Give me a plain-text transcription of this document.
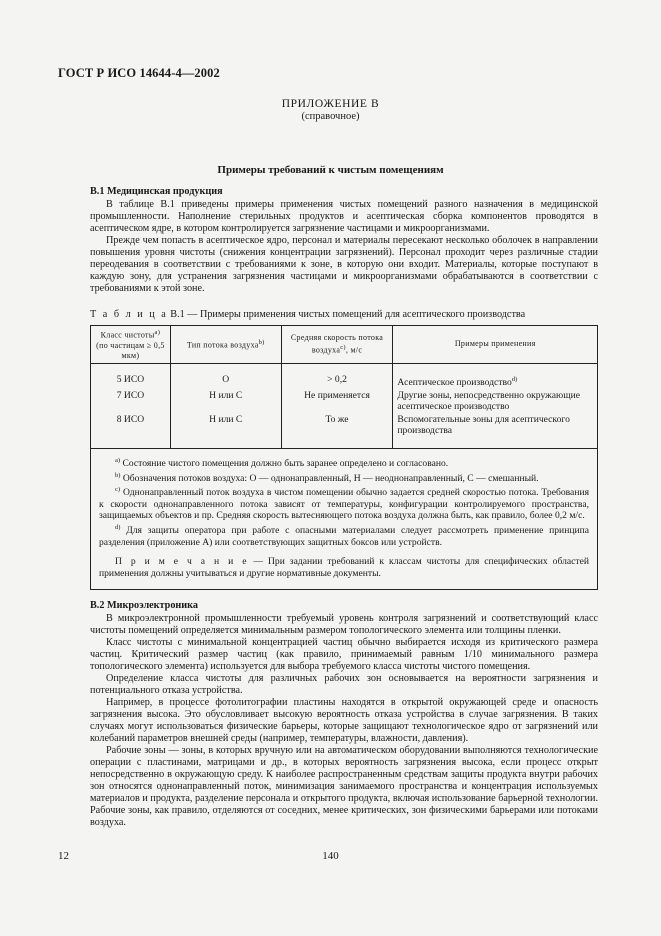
ГОСТ Р ИСО 14644-4—2002
ПРИЛОЖЕНИЕ В
(справочное)
Примеры требований к чистым помещениям

В.1 Медицинская продукция

В таблице В.1 приведены примеры применения чистых помещений разного назначения в медицинской промышленности. Наполнение стерильных продуктов и асептическая сборка компонентов проводятся в асептическом ядре, в котором контролируется загрязнение частицами и микроорганизмами.

Прежде чем попасть в асептическое ядро, персонал и материалы пересекают несколько оболочек в направлении повышения уровня чистоты (снижения концентрации загрязнений). Персонал проходит через различные стадии переодевания в соответствии с требованиями к зоне, в которую они входит. Материалы, которые поступают в каждую зону, для устранения загрязнения частицами и микроорганизмами обрабатываются в соответствии с требованиями к этой зоне.

Т а б л и ц а В.1 — Примеры применения чистых помещений для асептического производства
Класс чистоты$^{а)}$ (по частицам ≥ 0,5 мкм)	Тип потока воздуха$^{b)}$	Средняя скорость потока воздуха$^{c)}$, м/с	Примеры применения
5 ИСО	О	> 0,2	Асептическое производство$^{d)}$
7 ИСО	Н или С	Не применяется	Другие зоны, непосредственно окружающие асептическое производство
8 ИСО	Н или С	То же	Вспомогательные зоны для асептического производства

$^{а)}$ Состояние чистого помещения должно быть заранее определено и согласовано.

$^{b)}$ Обозначения потоков воздуха: О — однонаправленный, Н — неоднонаправленный, С — смешанный.

$^{c)}$ Однонаправленный поток воздуха в чистом помещении обычно задается средней скоростью потока. Требования к скорости однонаправленного потока зависят от температуры, конфигурации контролируемого пространства, защищаемых объектов и пр. Средняя скорость вытесняющего потока воздуха должна быть, как правило, более 0,2 м/с.

$^{d)}$ Для защиты оператора при работе с опасными материалами следует рассмотреть применение принципа разделения (приложение А) или соответствующих защитных боксов или устройств.

П р и м е ч а н и е — При задании требований к классам чистоты для специфических областей применения должны учитываться и другие нормативные документы.			

В.2 Микроэлектроника

В микроэлектронной промышленности требуемый уровень контроля загрязнений и соответствующий класс чистоты помещений определяется минимальным размером топологического элемента или толщины пленки.

Класс чистоты с минимальной концентрацией частиц обычно выбирается исходя из критического размера частиц. Критический размер частиц (как правило, принимаемый равным 1/10 минимального размера топологического элемента) используется для выбора требуемого класса чистоты чистого помещения.

Определение класса чистоты для различных рабочих зон основывается на вероятности загрязнения и потенциального отказа устройства.

Например, в процессе фотолитографии пластины находятся в открытой окружающей среде и опасность загрязнения высока. Это обусловливает высокую вероятность отказа устройства в случае загрязнения. В таких случаях могут использоваться физические барьеры, которые защищают технологическое ядро от загрязнений или колебаний параметров внешней среды (например, температуры, влажности, давления).

Рабочие зоны — зоны, в которых вручную или на автоматическом оборудовании выполняются технологические операции с пластинами, матрицами и др., в которых вероятность загрязнения высока, если процесс открыт непосредственно в окружающую среду. К наиболее распространенным средствам защиты продукта внутри рабочих зон относятся однонаправленный поток, минимизация занимаемого пространства и концентрация используемых материалов и продукта, разделение персонала и открытого продукта, включая использование барьерной технологии. Рабочие зоны, как правило, отделяются от соседних, менее критических, зон физическими барьерами или потоками воздуха.

12	140
